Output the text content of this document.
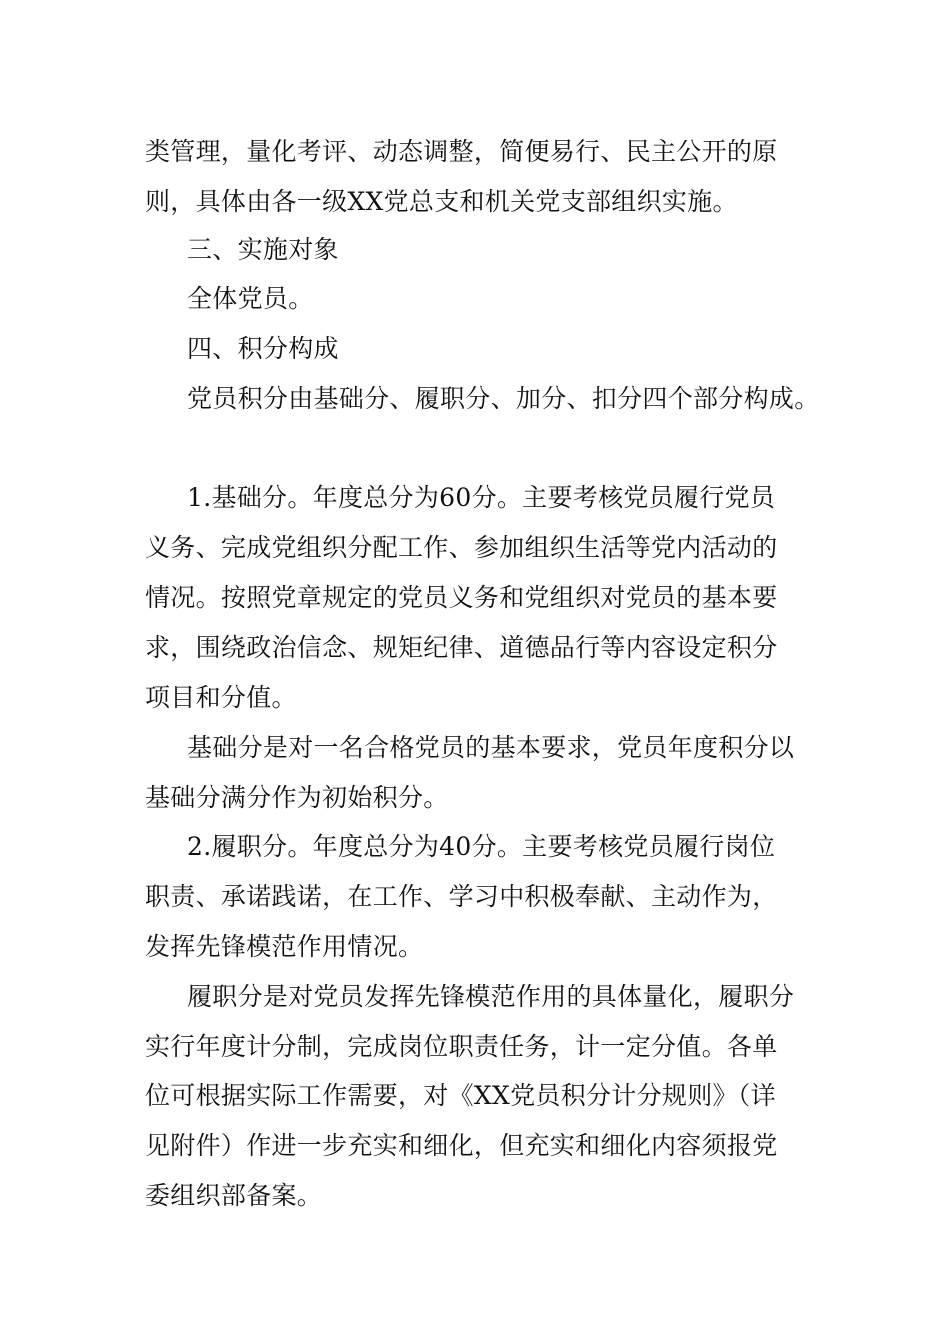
类管理，量化考评、动态调整，简便易行、民主公开的原
则，具体由各一级XX党总支和机关党支部组织实施。
三、实施对象
全体党员。
四、积分构成
党员积分由基础分、履职分、加分、扣分四个部分构成。
1.基础分。年度总分为60分。主要考核党员履行党员
义务、完成党组织分配工作、参加组织生活等党内活动的
情况。按照党章规定的党员义务和党组织对党员的基本要
求，围绕政治信念、规矩纪律、道德品行等内容设定积分
项目和分值。
基础分是对一名合格党员的基本要求，党员年度积分以
基础分满分作为初始积分。
2.履职分。年度总分为40分。主要考核党员履行岗位
职责、承诺践诺，在工作、学习中积极奉献、主动作为，
发挥先锋模范作用情况。
履职分是对党员发挥先锋模范作用的具体量化，履职分
实行年度计分制，完成岗位职责任务，计一定分值。各单
位可根据实际工作需要，对《XX党员积分计分规则》（详
见附件）作进一步充实和细化，但充实和细化内容须报党
委组织部备案。
